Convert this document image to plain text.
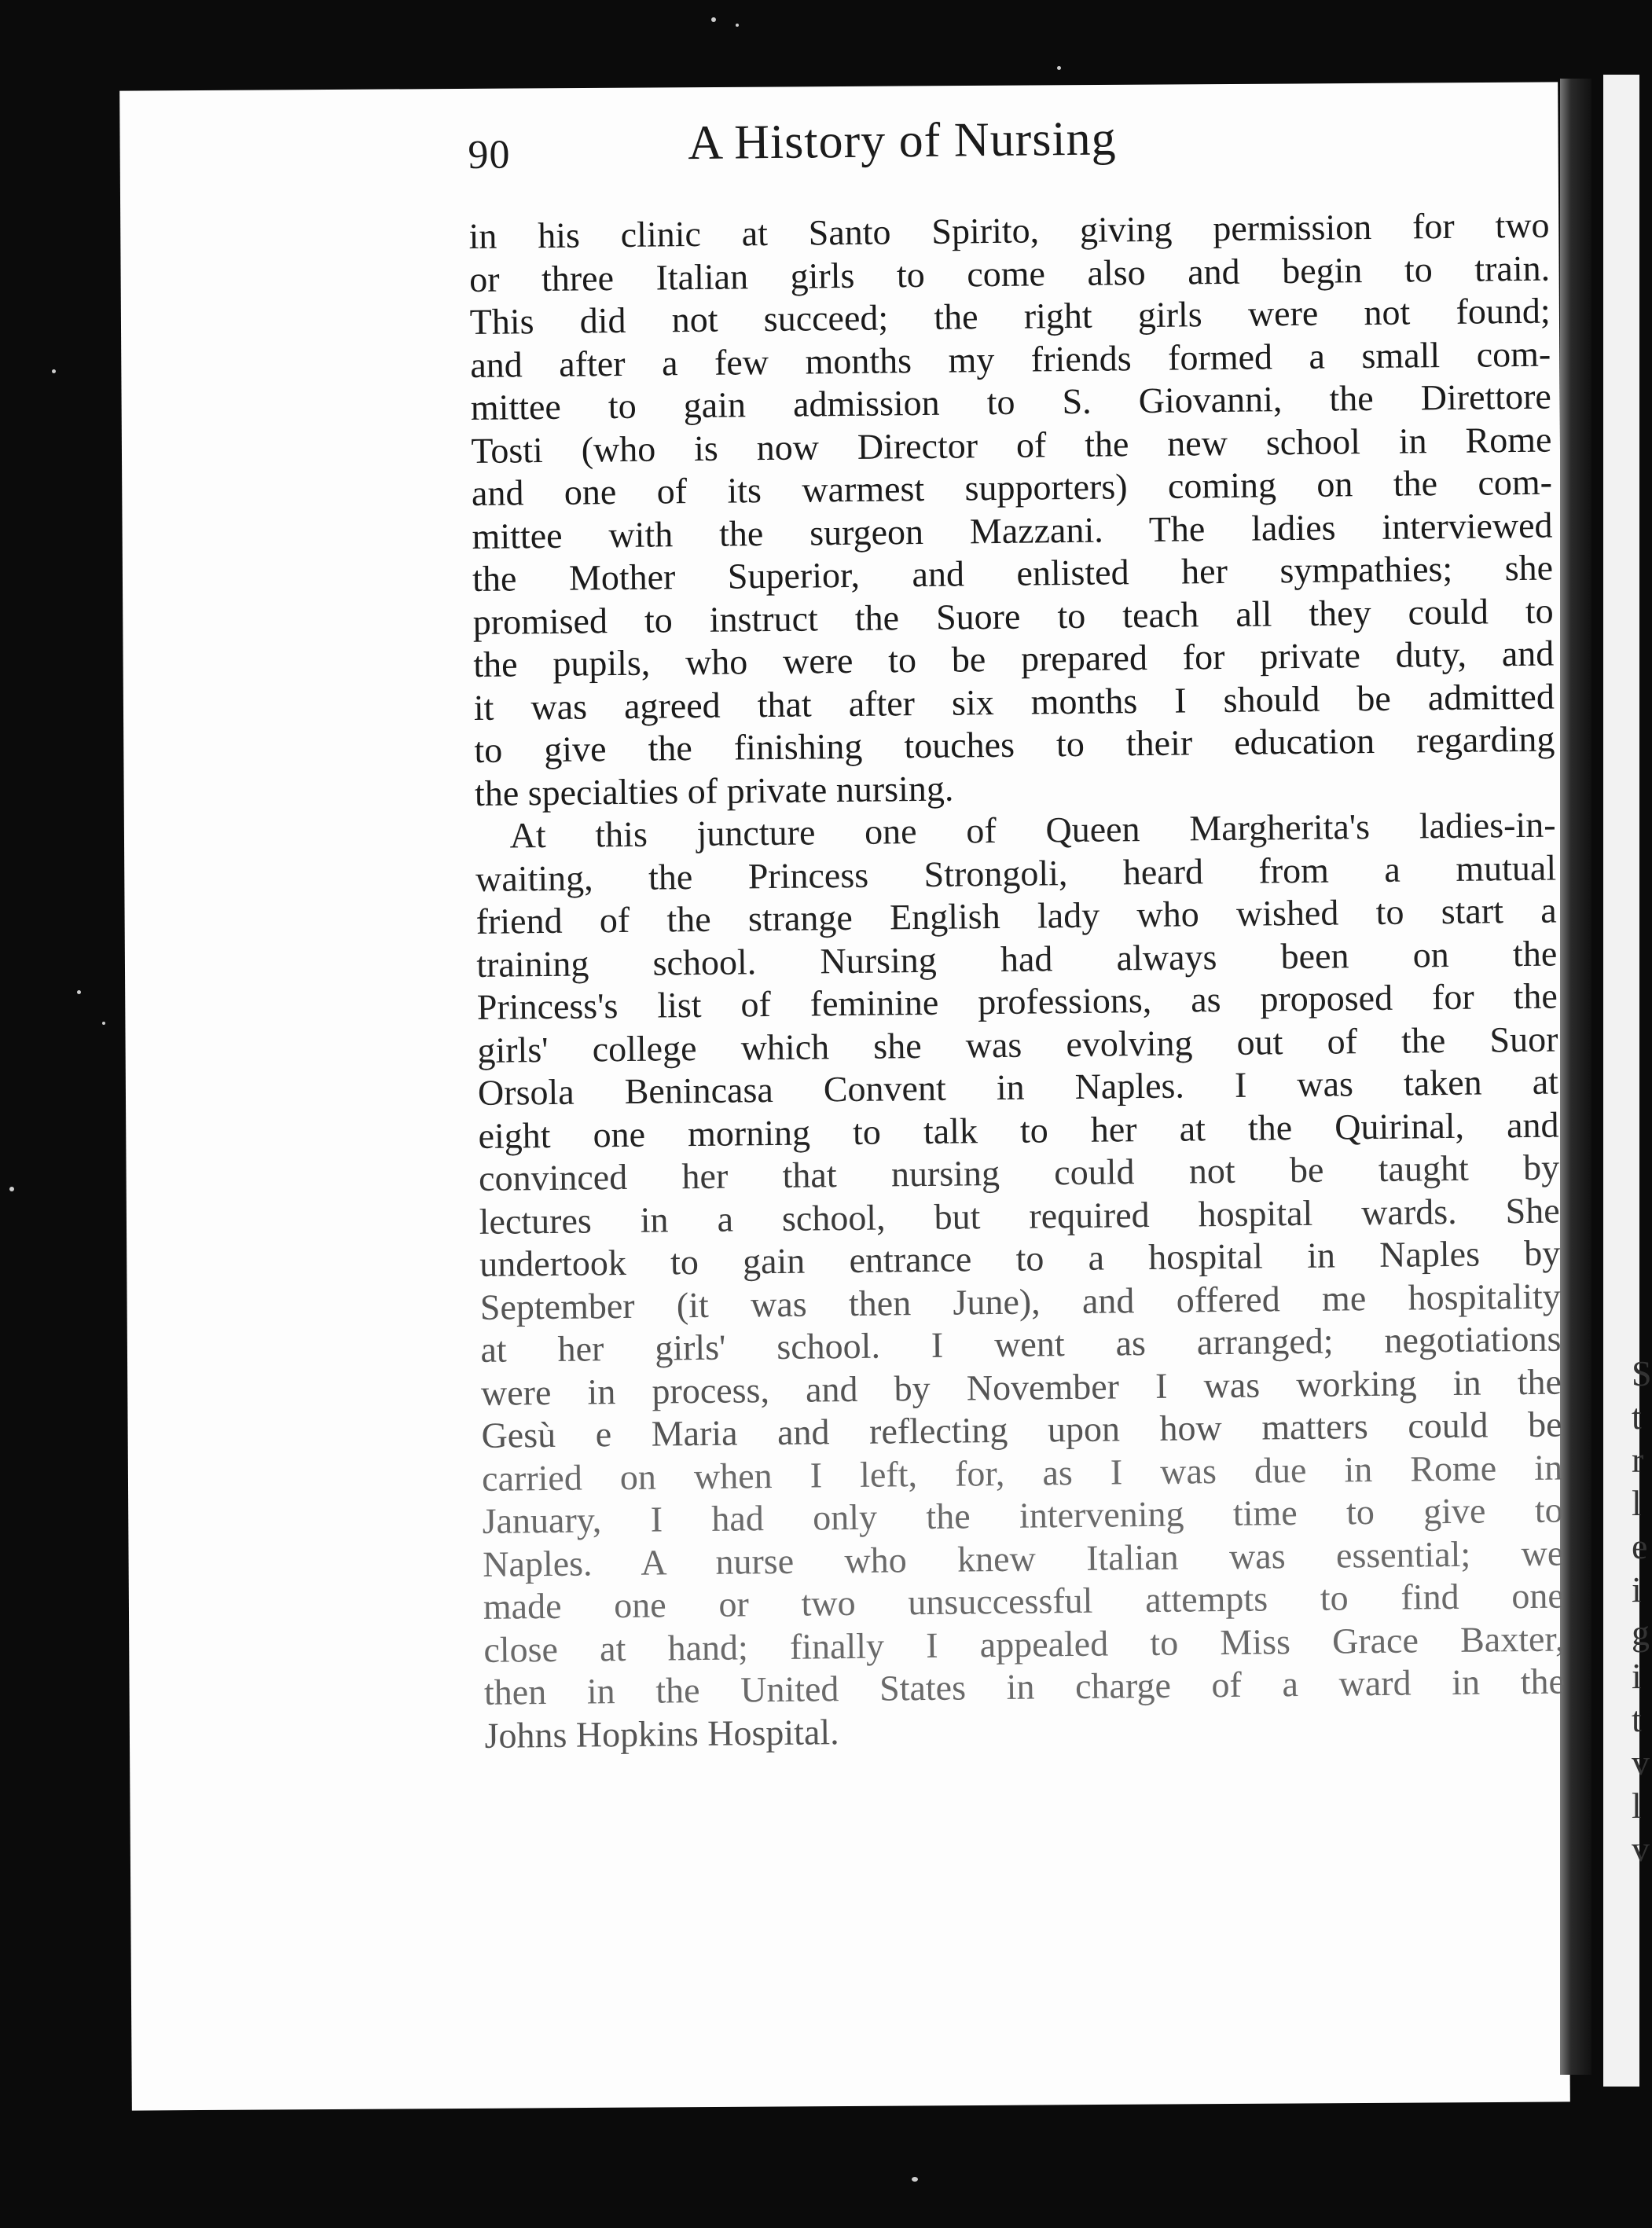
S
t
r
l
e
i
g
i
t
v
l
v
90	A History of Nursing

in his clinic at Santo Spirito, giving permission for two
or three Italian girls to come also and begin to train.
This did not succeed; the right girls were not found;
and after a few months my friends formed a small com-
mittee to gain admission to S. Giovanni, the Direttore
Tosti (who is now Director of the new school in Rome
and one of its warmest supporters) coming on the com-
mittee with the surgeon Mazzani. The ladies interviewed
the Mother Superior, and enlisted her sympathies; she
promised to instruct the Suore to teach all they could to
the pupils, who were to be prepared for private duty, and
it was agreed that after six months I should be admitted
to give the finishing touches to their education regarding
the specialties of private nursing.

At this juncture one of Queen Margherita's ladies-in-
waiting, the Princess Strongoli, heard from a mutual
friend of the strange English lady who wished to start a
training school. Nursing had always been on the
Princess's list of feminine professions, as proposed for the
girls' college which she was evolving out of the Suor
Orsola Benincasa Convent in Naples. I was taken at
eight one morning to talk to her at the Quirinal, and
convinced her that nursing could not be taught by
lectures in a school, but required hospital wards. She
undertook to gain entrance to a hospital in Naples by
September (it was then June), and offered me hospitality
at her girls' school. I went as arranged; negotiations
were in process, and by November I was working in the
Gesù e Maria and reflecting upon how matters could be
carried on when I left, for, as I was due in Rome in
January, I had only the intervening time to give to
Naples. A nurse who knew Italian was essential; we
made one or two unsuccessful attempts to find one
close at hand; finally I appealed to Miss Grace Baxter,
then in the United States in charge of a ward in the
Johns Hopkins Hospital.
